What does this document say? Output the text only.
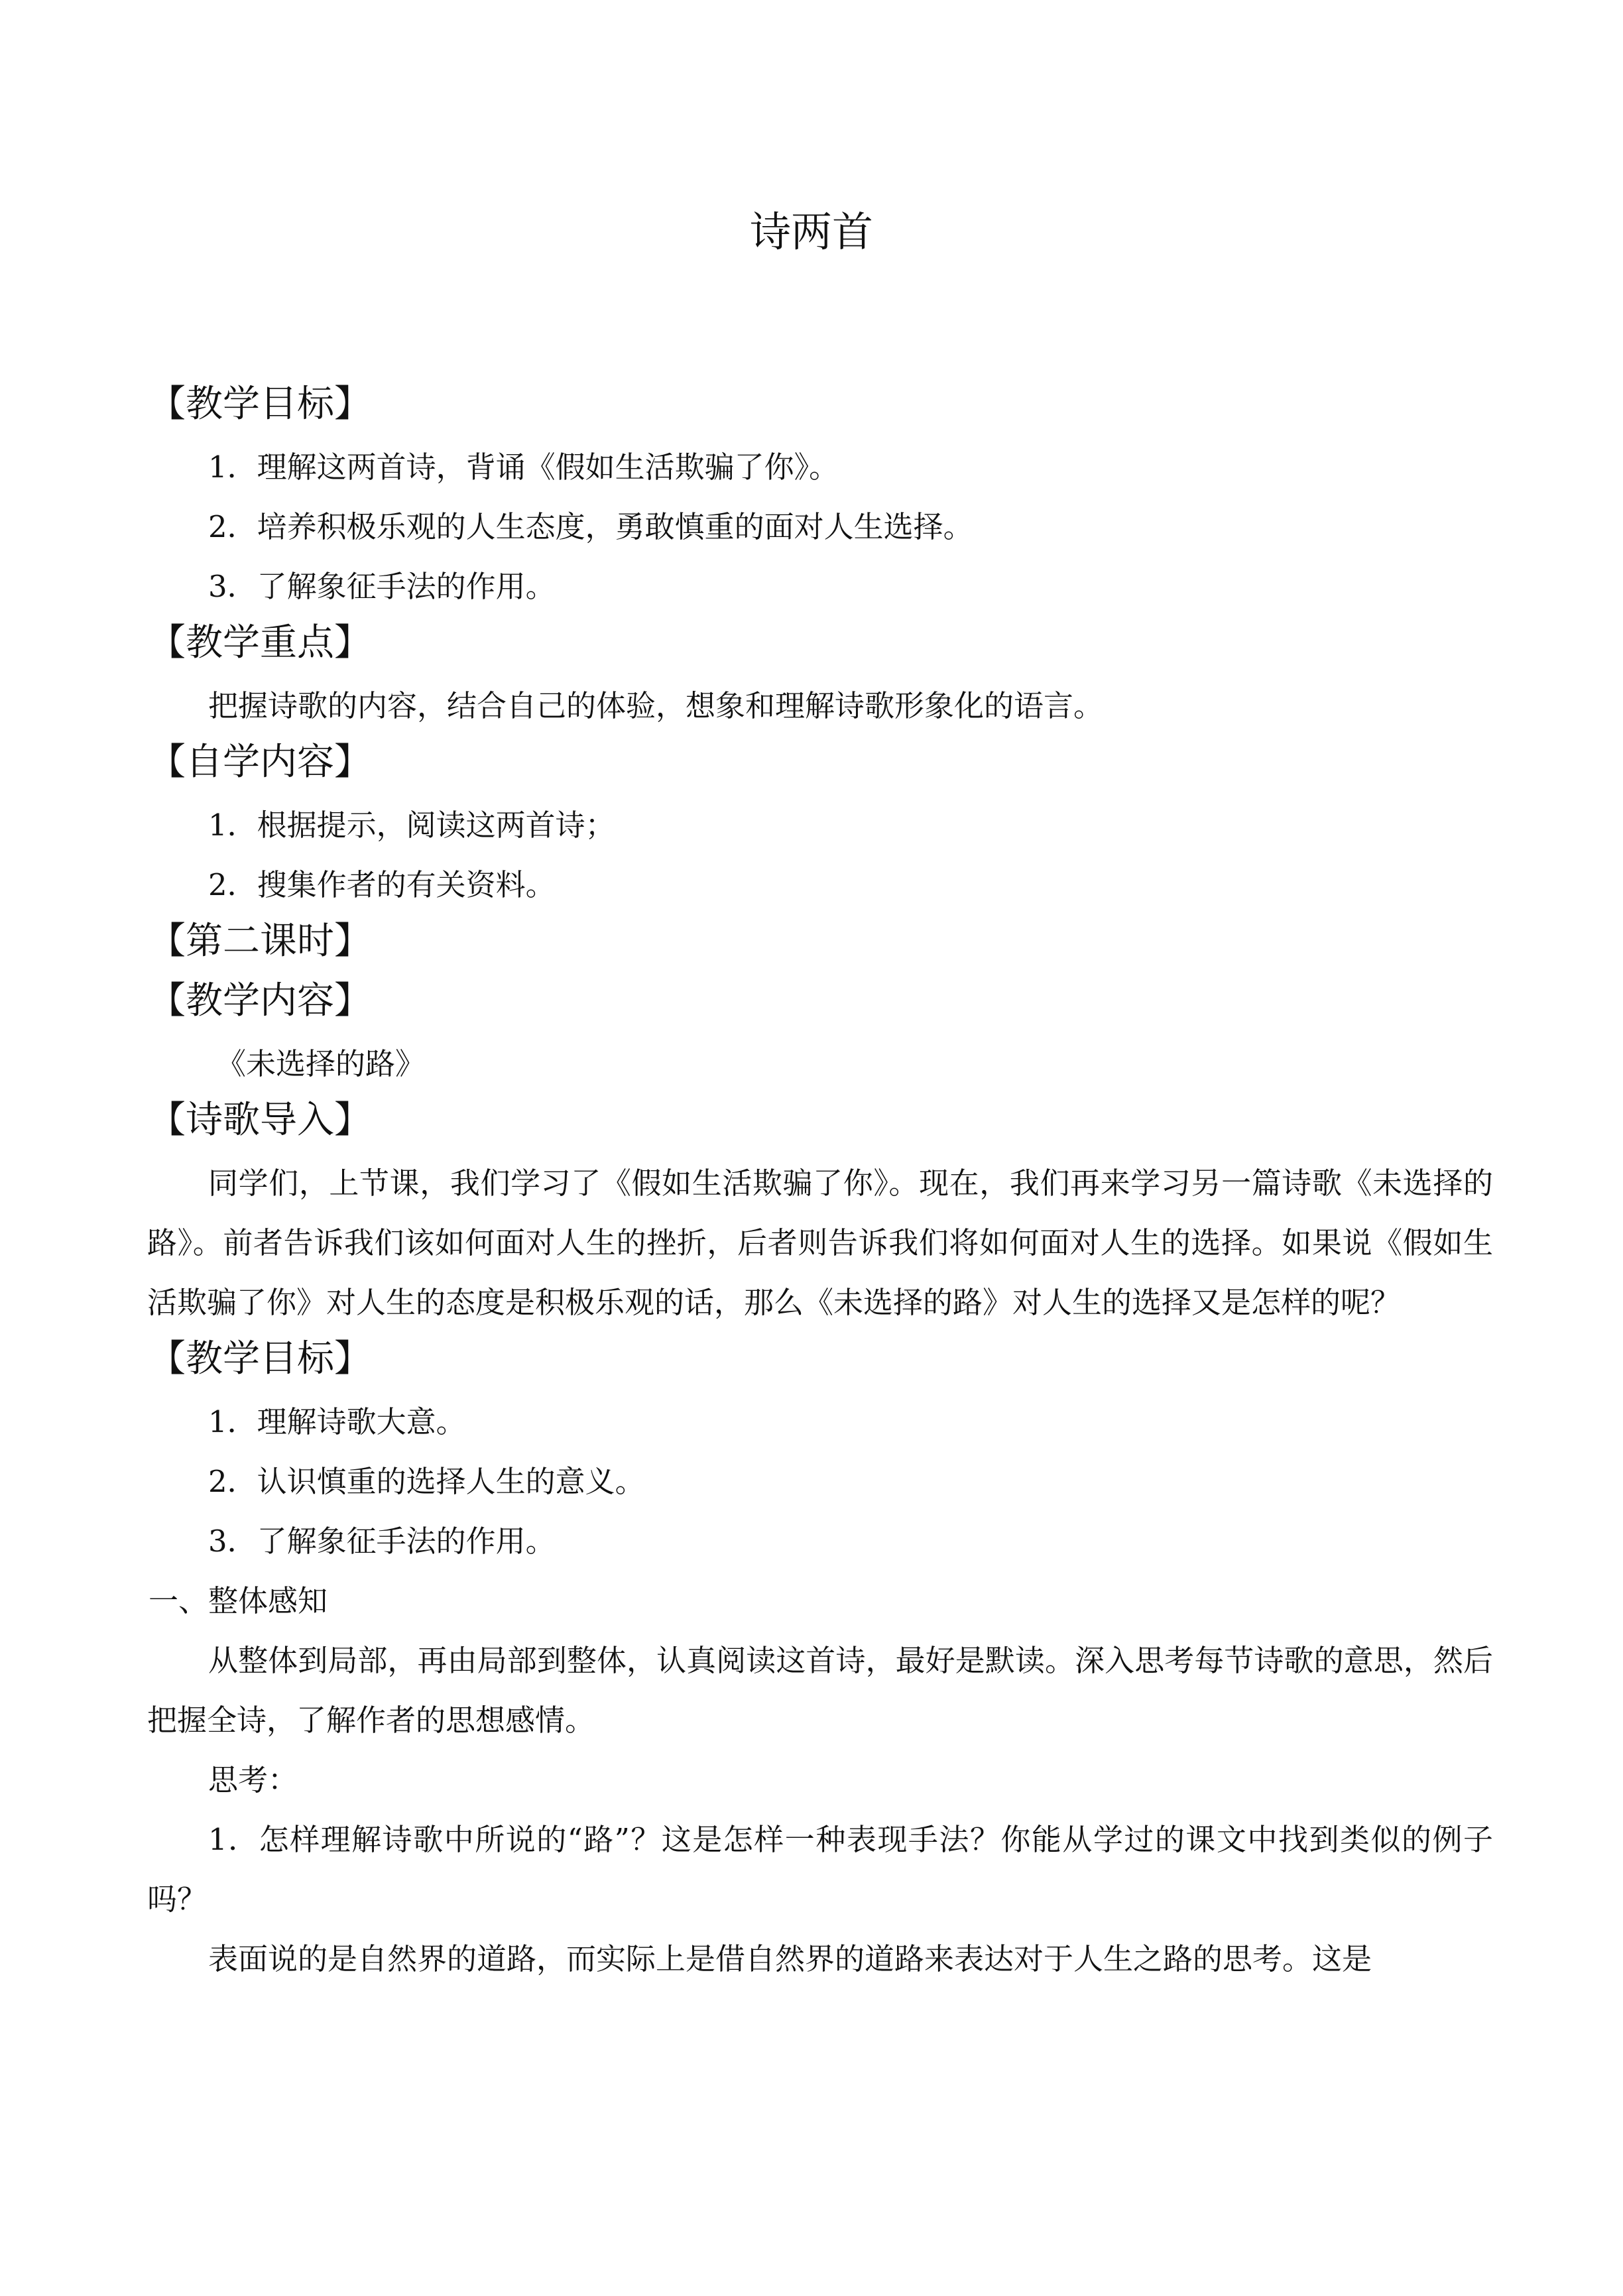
诗两首
【教学目标】
1．理解这两首诗，背诵《假如生活欺骗了你》。
2．培养积极乐观的人生态度，勇敢慎重的面对人生选择。
3．了解象征手法的作用。
【教学重点】
把握诗歌的内容，结合自己的体验，想象和理解诗歌形象化的语言。
【自学内容】
1．根据提示，阅读这两首诗；
2．搜集作者的有关资料。
【第二课时】
【教学内容】
《未选择的路》
【诗歌导入】

同学们，上节课，我们学习了《假如生活欺骗了你》。现在，我们再来学习另一篇诗歌《未选择的路》。前者告诉我们该如何面对人生的挫折，后者则告诉我们将如何面对人生的选择。如果说《假如生活欺骗了你》对人生的态度是积极乐观的话，那么《未选择的路》对人生的选择又是怎样的呢？

【教学目标】
1．理解诗歌大意。
2．认识慎重的选择人生的意义。
3．了解象征手法的作用。
一、整体感知

从整体到局部，再由局部到整体，认真阅读这首诗，最好是默读。深入思考每节诗歌的意思，然后把握全诗，了解作者的思想感情。

思考：

1．怎样理解诗歌中所说的“路”？这是怎样一种表现手法？你能从学过的课文中找到类似的例子吗？

表面说的是自然界的道路，而实际上是借自然界的道路来表达对于人生之路的思考。这是
